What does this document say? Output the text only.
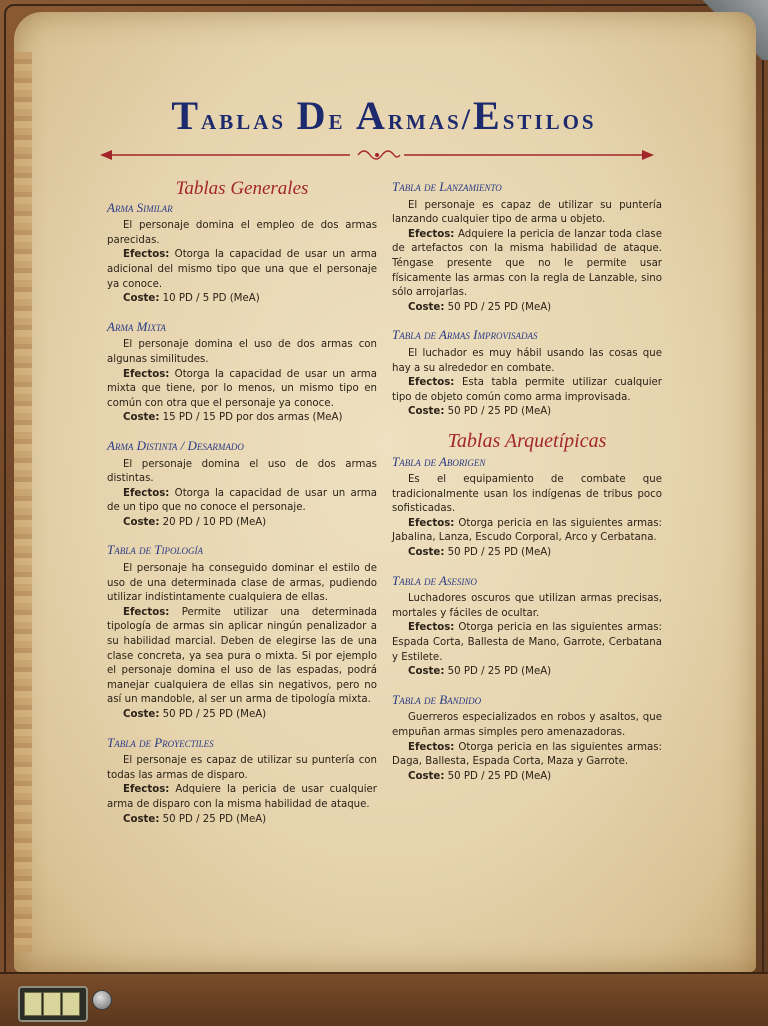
Tablas De Armas/Estilos
Tablas Generales
Arma Similar

El personaje domina el empleo de dos armas parecidas.

Efectos: Otorga la capacidad de usar un arma adicional del mismo tipo que una que el personaje ya conoce.

Coste: 10 PD / 5 PD (MeA)

Arma Mixta

El personaje domina el uso de dos armas con algunas similitudes.

Efectos: Otorga la capacidad de usar un arma mixta que tiene, por lo menos, un mismo tipo en común con otra que el personaje ya conoce.

Coste: 15 PD / 15 PD por dos armas (MeA)

Arma Distinta / Desarmado

El personaje domina el uso de dos armas distintas.

Efectos: Otorga la capacidad de usar un arma de un tipo que no conoce el personaje.

Coste: 20 PD / 10 PD (MeA)

Tabla de Tipología

El personaje ha conseguido dominar el estilo de uso de una determinada clase de armas, pudiendo utilizar indistintamente cualquiera de ellas.

Efectos: Permite utilizar una determinada tipología de armas sin aplicar ningún penalizador a su habilidad marcial. Deben de elegirse las de una clase concreta, ya sea pura o mixta. Si por ejemplo el personaje domina el uso de las espadas, podrá manejar cualquiera de ellas sin negativos, pero no así un mandoble, al ser un arma de tipología mixta.

Coste: 50 PD / 25 PD (MeA)

Tabla de Proyectiles

El personaje es capaz de utilizar su puntería con todas las armas de disparo.

Efectos: Adquiere la pericia de usar cualquier arma de disparo con la misma habilidad de ataque.

Coste: 50 PD / 25 PD (MeA)

Tabla de Lanzamiento

El personaje es capaz de utilizar su puntería lanzando cualquier tipo de arma u objeto.

Efectos: Adquiere la pericia de lanzar toda clase de artefactos con la misma habilidad de ataque. Téngase presente que no le permite usar físicamente las armas con la regla de Lanzable, sino sólo arrojarlas.

Coste: 50 PD / 25 PD (MeA)

Tabla de Armas Improvisadas

El luchador es muy hábil usando las cosas que hay a su alrededor en combate.

Efectos: Esta tabla permite utilizar cualquier tipo de objeto común como arma improvisada.

Coste: 50 PD / 25 PD (MeA)

Tablas Arquetípicas
Tabla de Aborigen

Es el equipamiento de combate que tradicionalmente usan los indígenas de tribus poco sofisticadas.

Efectos: Otorga pericia en las siguientes armas: Jabalina, Lanza, Escudo Corporal, Arco y Cerbatana.

Coste: 50 PD / 25 PD (MeA)

Tabla de Asesino

Luchadores oscuros que utilizan armas precisas, mortales y fáciles de ocultar.

Efectos: Otorga pericia en las siguientes armas: Espada Corta, Ballesta de Mano, Garrote, Cerbatana y Estilete.

Coste: 50 PD / 25 PD (MeA)

Tabla de Bandido

Guerreros especializados en robos y asaltos, que empuñan armas simples pero amenazadoras.

Efectos: Otorga pericia en las siguientes armas: Daga, Ballesta, Espada Corta, Maza y Garrote.

Coste: 50 PD / 25 PD (MeA)
